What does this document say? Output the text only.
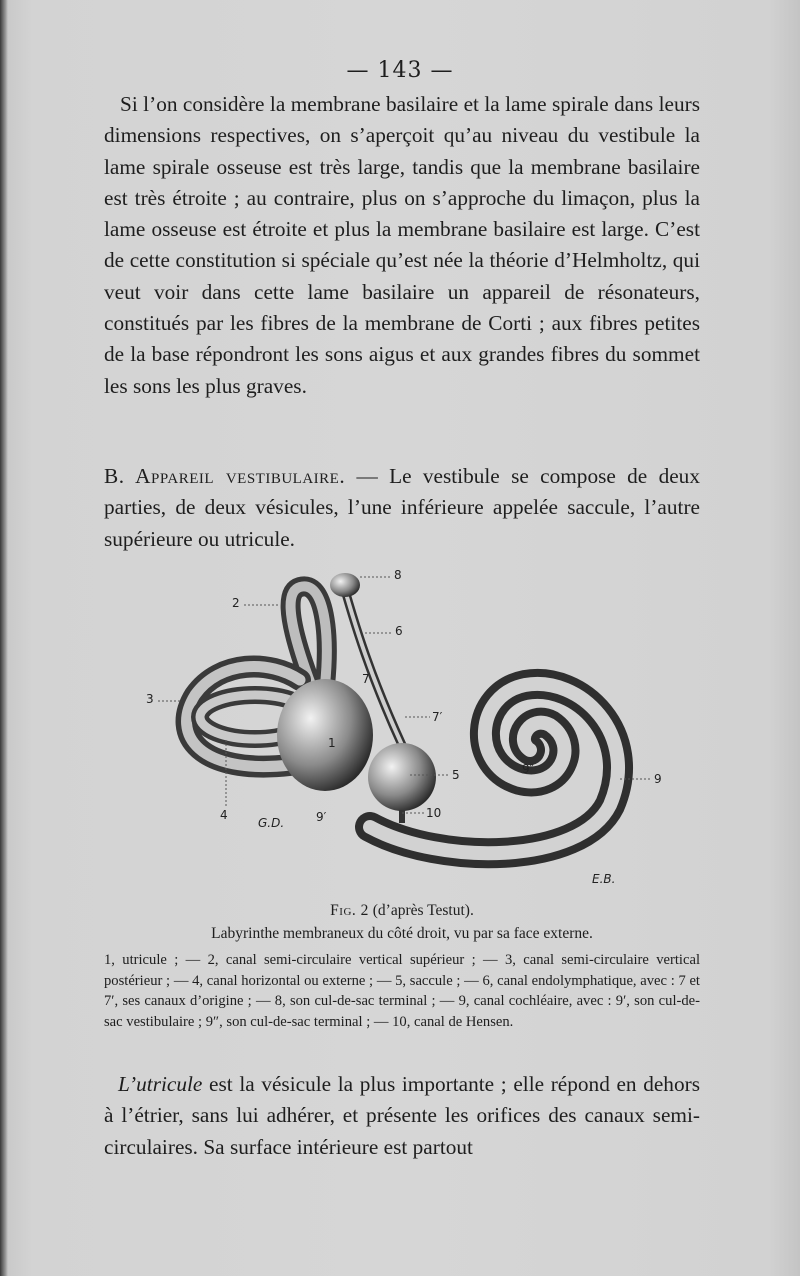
— 143 —

Si l’on considère la membrane basilaire et la lame spirale dans leurs dimensions respectives, on s’aperçoit qu’au niveau du vestibule la lame spirale osseuse est très large, tandis que la membrane basilaire est très étroite ; au contraire, plus on s’approche du limaçon, plus la lame osseuse est étroite et plus la membrane basilaire est large. C’est de cette constitution si spéciale qu’est née la théorie d’Helmholtz, qui veut voir dans cette lame basilaire un appareil de résonateurs, constitués par les fibres de la membrane de Corti ; aux fibres petites de la base répondront les sons aigus et aux grandes fibres du sommet les sons les plus graves.

B. Appareil vestibulaire. — Le vestibule se compose de deux parties, de deux vésicules, l’une inférieure appelée saccule, l’autre supérieure ou utricule.

2
8
6
3
7
7′
1
5	9″
9
4
G.D.	9′	10
E.B.
Fig. 2 (d’après Testut).
Labyrinthe membraneux du côté droit, vu par sa face externe.
1, utricule ; — 2, canal semi-circulaire vertical supérieur ; — 3, canal semi-circulaire vertical postérieur ; — 4, canal horizontal ou externe ; — 5, saccule ; — 6, canal endolymphatique, avec : 7 et 7′, ses canaux d’origine ; — 8, son cul-de-sac terminal ; — 9, canal cochléaire, avec : 9′, son cul-de-sac vestibulaire ; 9″, son cul-de-sac terminal ; — 10, canal de Hensen.

L’utricule est la vésicule la plus importante ; elle répond en dehors à l’étrier, sans lui adhérer, et présente les orifices des canaux semi-circulaires. Sa surface intérieure est partout
